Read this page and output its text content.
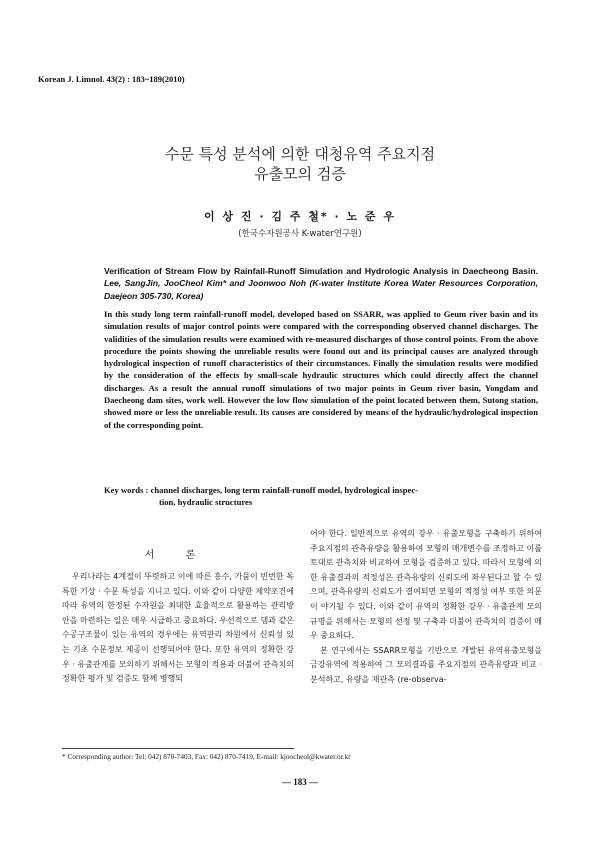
Korean J. Limnol. 43(2) : 183~189(2010)
수문 특성 분석에 의한 대청유역 주요지점
유출모의 검증
이 상 진 · 김 주 철* · 노 준 우
(한국수자원공사 K-water연구원)
Verification of Stream Flow by Rainfall-Runoff Simulation and Hydrologic Analysis in Daecheong Basin. Lee, SangJin, JooCheol Kim* and Joonwoo Noh (K-water Institute Korea Water Resources Corporation, Daejeon 305-730, Korea)
In this study long term rainfall-runoff model, developed based on SSARR, was applied to Geum river basin and its simulation results of major control points were compared with the corresponding observed channel discharges. The validities of the simulation results were examined with re-measured discharges of those control points. From the above procedure the points showing the unreliable results were found out and its principal causes are analyzed through hydrological inspection of runoff characteristics of their circumstances. Finally the simulation results were modified by the consideration of the effects by small-scale hydraulic structures which could directly affect the channel discharges. As a result the annual runoff simulations of two major points in Geum river basin, Yongdam and Daecheong dam sites, work well. However the low flow simulation of the point located between them, Sutong station, showed more or less the unreliable result. Its causes are considered by means of the hydraulic/hydrological inspection of the corresponding point.
Key words : channel discharges, long term rainfall-runoff model, hydrological inspec-
tion, hydraulic structures
서 론
우리나라는 4계절이 뚜렷하고 이에 따른 홍수, 가뭄이 빈번한 독특한 기상 · 수문 특성을 지니고 있다. 이와 같이 다양한 제약조건에 따라 유역의 한정된 수자원을 최대한 효율적으로 활용하는 관리방안을 마련하는 일은 매우 시급하고 중요하다. 우선적으로 댐과 같은 수공구조물이 있는 유역의 경우에는 유역관리 차원에서 신뢰성 있는 기초 수문정보 제공이 선행되어야 한다. 또한 유역의 정확한 강우 · 유출관계를 모의하기 위해서는 모형의 적용과 더불어 관측치의 정확한 평가 및 검증도 함께 병행되

어야 한다. 일반적으로 유역의 강우 · 유출모형을 구축하기 위하여 주요지점의 관측유량을 활용하여 모형의 매개변수를 조정하고 이를 토대로 관측치와 비교하여 모형을 검증하고 있다. 따라서 모형에 의한 유출결과의 적정성은 관측유량의 신뢰도에 좌우된다고 할 수 있으며, 관측유량의 신뢰도가 결여되면 모형의 적정성 여부 또한 의문이 야기될 수 있다. 이와 같이 유역의 정확한 강우 · 유출관계 모의 규명을 위해서는 모형의 선정 및 구축과 더불어 관측치의 검증이 매우 중요하다.

본 연구에서는 SSARR모형을 기반으로 개발된 유역유출모형을 금강유역에 적용하여 그 모의결과를 주요지점의 관측유량과 비교 · 분석하고, 유량을 재관측 (re-observa-

* Corresponding author: Tel: 042) 870-7403, Fax: 042) 870-7419, E-mail: kjoocheol@kwater.or.kr
— 183 —
